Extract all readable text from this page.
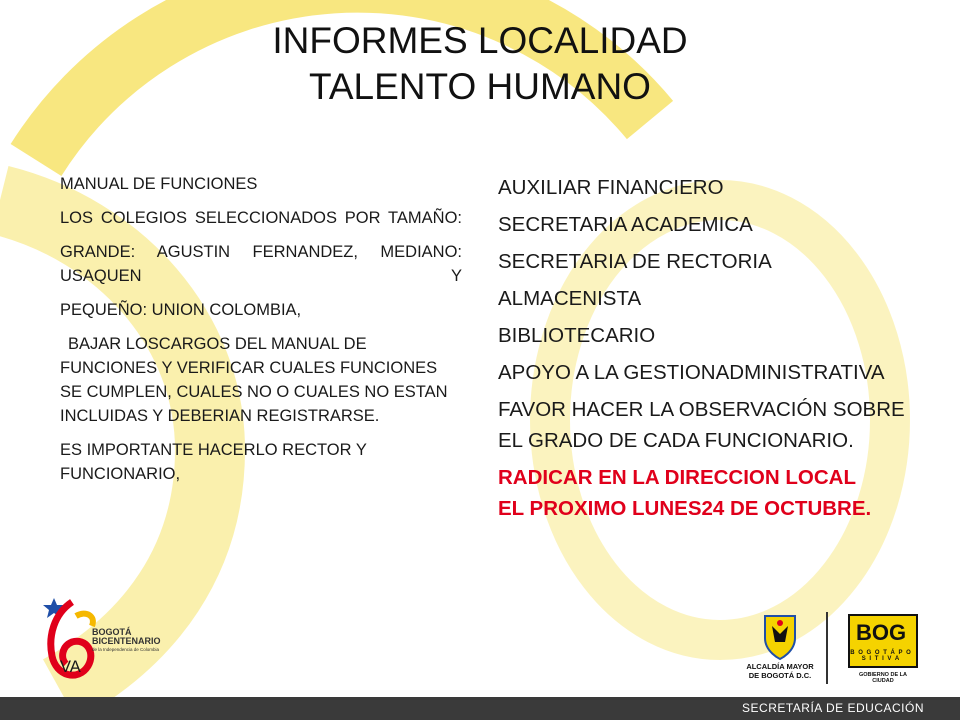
INFORMES LOCALIDAD
TALENTO HUMANO

MANUAL DE FUNCIONES

LOS COLEGIOS SELECCIONADOS POR TAMAÑO:

GRANDE: AGUSTIN FERNANDEZ, MEDIANO: USAQUEN Y

PEQUEÑO: UNION COLOMBIA,

BAJAR LOSCARGOS DEL MANUAL DE FUNCIONES Y VERIFICAR CUALES FUNCIONES SE CUMPLEN, CUALES NO O CUALES NO ESTAN INCLUIDAS Y DEBERIAN REGISTRARSE.

ES IMPORTANTE HACERLO RECTOR Y FUNCIONARIO,

AUXILIAR FINANCIERO

SECRETARIA ACADEMICA

SECRETARIA DE RECTORIA

ALMACENISTA

BIBLIOTECARIO

APOYO A LA GESTIONADMINISTRATIVA

FAVOR HACER LA OBSERVACIÓN SOBRE EL GRADO DE CADA FUNCIONARIO.

RADICAR EN LA DIRECCION LOCAL
EL PROXIMO LUNES24 DE OCTUBRE.

BOGOTÁ
BICENTENARIO
de la Independencia de Colombia
VA	ALCALDÍA MAYOR
DE BOGOTÁ D.C.
BOG
B O G O T Á P O S I T I V A
GOBIERNO DE LA CIUDAD
SECRETARÍA DE EDUCACIÓN
